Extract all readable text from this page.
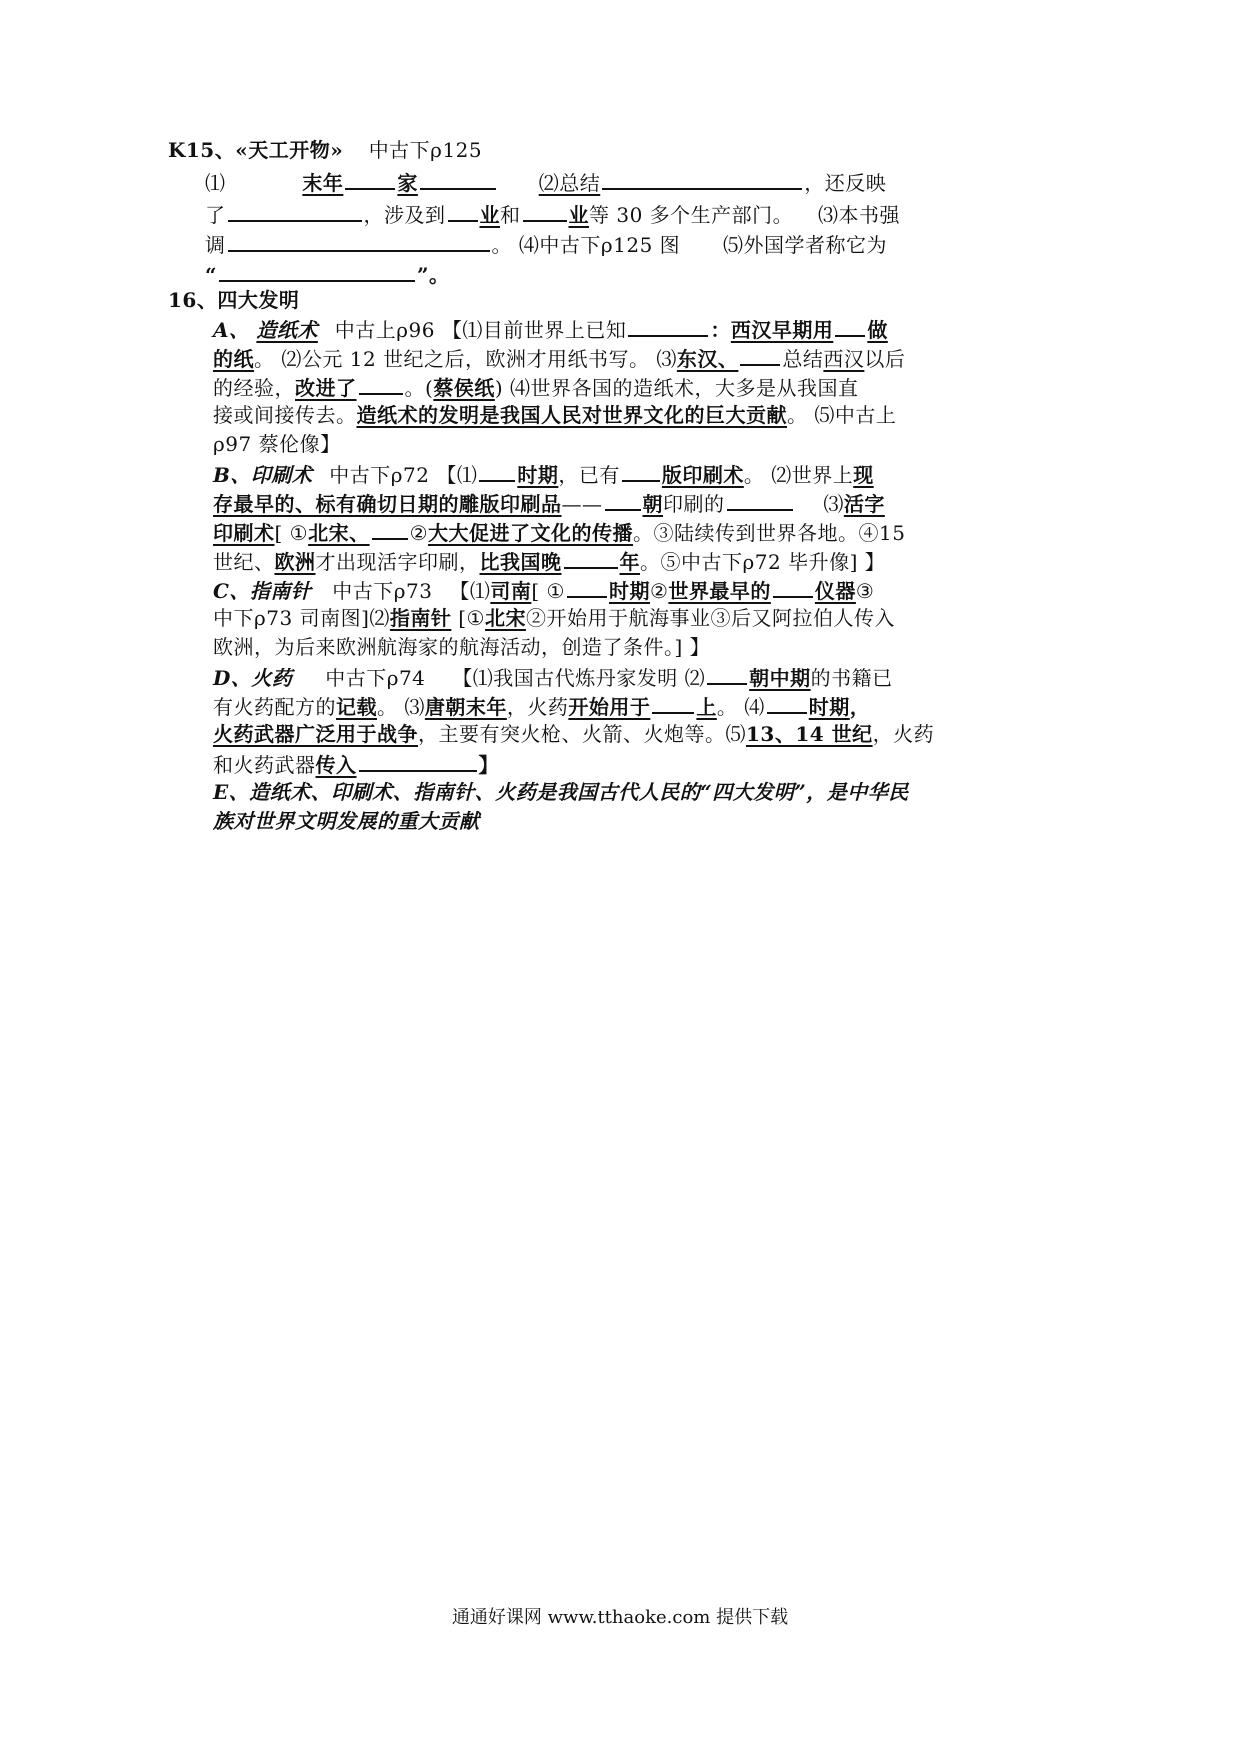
K15、«天工开物» 中古下ρ125
⑴	末年	家	⑵总结	，还反映
了	，涉及到 业和 业等 30 多个生产部门。 ⑶本书强
调	。 ⑷中古下ρ125 图 ⑸外国学者称它为
“	”。
16、四大发明
A、 造纸术 中古上ρ96 【⑴目前世界上已知	：西汉早期用 做
的纸。 ⑵公元 12 世纪之后，欧洲才用纸书写。 ⑶东汉、 总结西汉以后
的经验，改进了 。(蔡侯纸) ⑷世界各国的造纸术，大多是从我国直
接或间接传去。造纸术的发明是我国人民对世界文化的巨大贡献。 ⑸中古上
ρ97 蔡伦像】
B、印刷术 中古下ρ72 【⑴ 时期，已有 版印刷术。 ⑵世界上现
存最早的、标有确切日期的雕版印刷品—— 朝印刷的	⑶活字
印刷术[ ①北宋、 ②大大促进了文化的传播。③陆续传到世界各地。④15
世纪、欧洲才出现活字印刷，比我国晚	年。⑤中古下ρ72 毕升像] 】
C、指南针 中古下ρ73 【⑴司南[ ① 时期②世界最早的 仪器③
中下ρ73 司南图]⑵指南针 [①北宋②开始用于航海事业③后又阿拉伯人传入
欧洲，为后来欧洲航海家的航海活动，创造了条件。] 】
D、火药 中古下ρ74 【⑴我国古代炼丹家发明 ⑵ 朝中期的书籍已
有火药配方的记载。 ⑶唐朝末年，火药开始用于 上。 ⑷ 时期，
火药武器广泛用于战争，主要有突火枪、火箭、火炮等。⑸13、14 世纪，火药
和火药武器传入	】
E、造纸术、印刷术、指南针、火药是我国古代人民的“四大发明”，是中华民
族对世界文明发展的重大贡献
通通好课网 www.tthaoke.com 提供下载
